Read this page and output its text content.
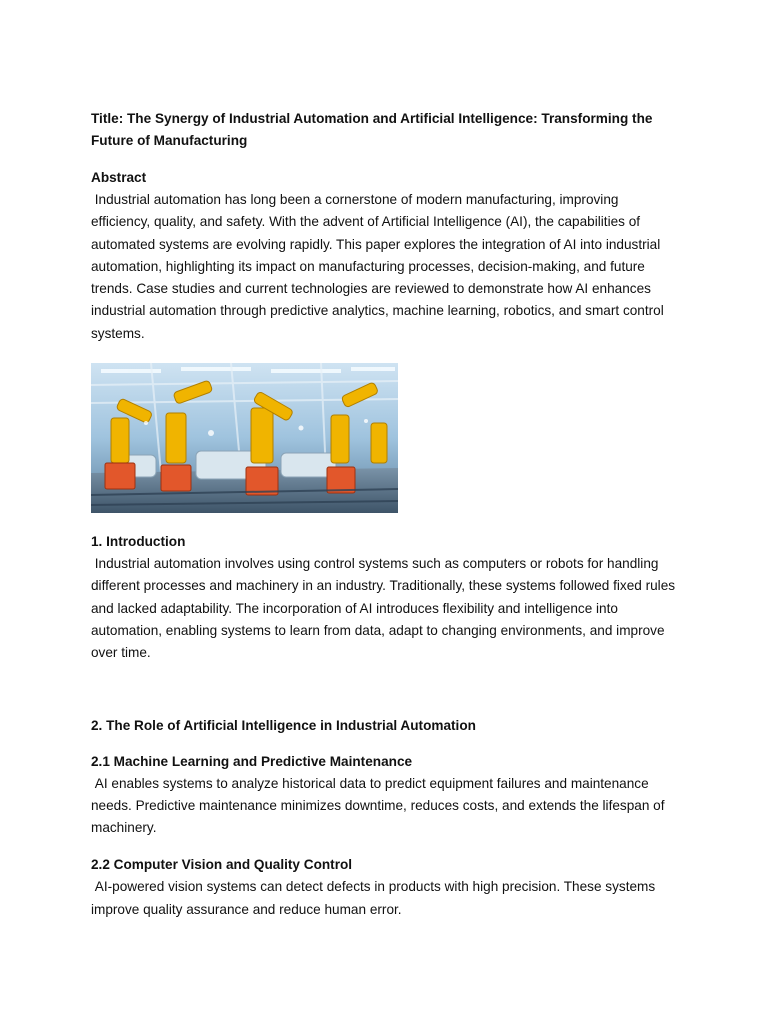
Title: The Synergy of Industrial Automation and Artificial Intelligence: Transforming the Future of Manufacturing

Abstract

Industrial automation has long been a cornerstone of modern manufacturing, improving efficiency, quality, and safety. With the advent of Artificial Intelligence (AI), the capabilities of automated systems are evolving rapidly. This paper explores the integration of AI into industrial automation, highlighting its impact on manufacturing processes, decision-making, and future trends. Case studies and current technologies are reviewed to demonstrate how AI enhances industrial automation through predictive analytics, machine learning, robotics, and smart control systems.

1. Introduction

Industrial automation involves using control systems such as computers or robots for handling different processes and machinery in an industry. Traditionally, these systems followed fixed rules and lacked adaptability. The incorporation of AI introduces flexibility and intelligence into automation, enabling systems to learn from data, adapt to changing environments, and improve over time.

2. The Role of Artificial Intelligence in Industrial Automation

2.1 Machine Learning and Predictive Maintenance

AI enables systems to analyze historical data to predict equipment failures and maintenance needs. Predictive maintenance minimizes downtime, reduces costs, and extends the lifespan of machinery.

2.2 Computer Vision and Quality Control

AI-powered vision systems can detect defects in products with high precision. These systems improve quality assurance and reduce human error.
